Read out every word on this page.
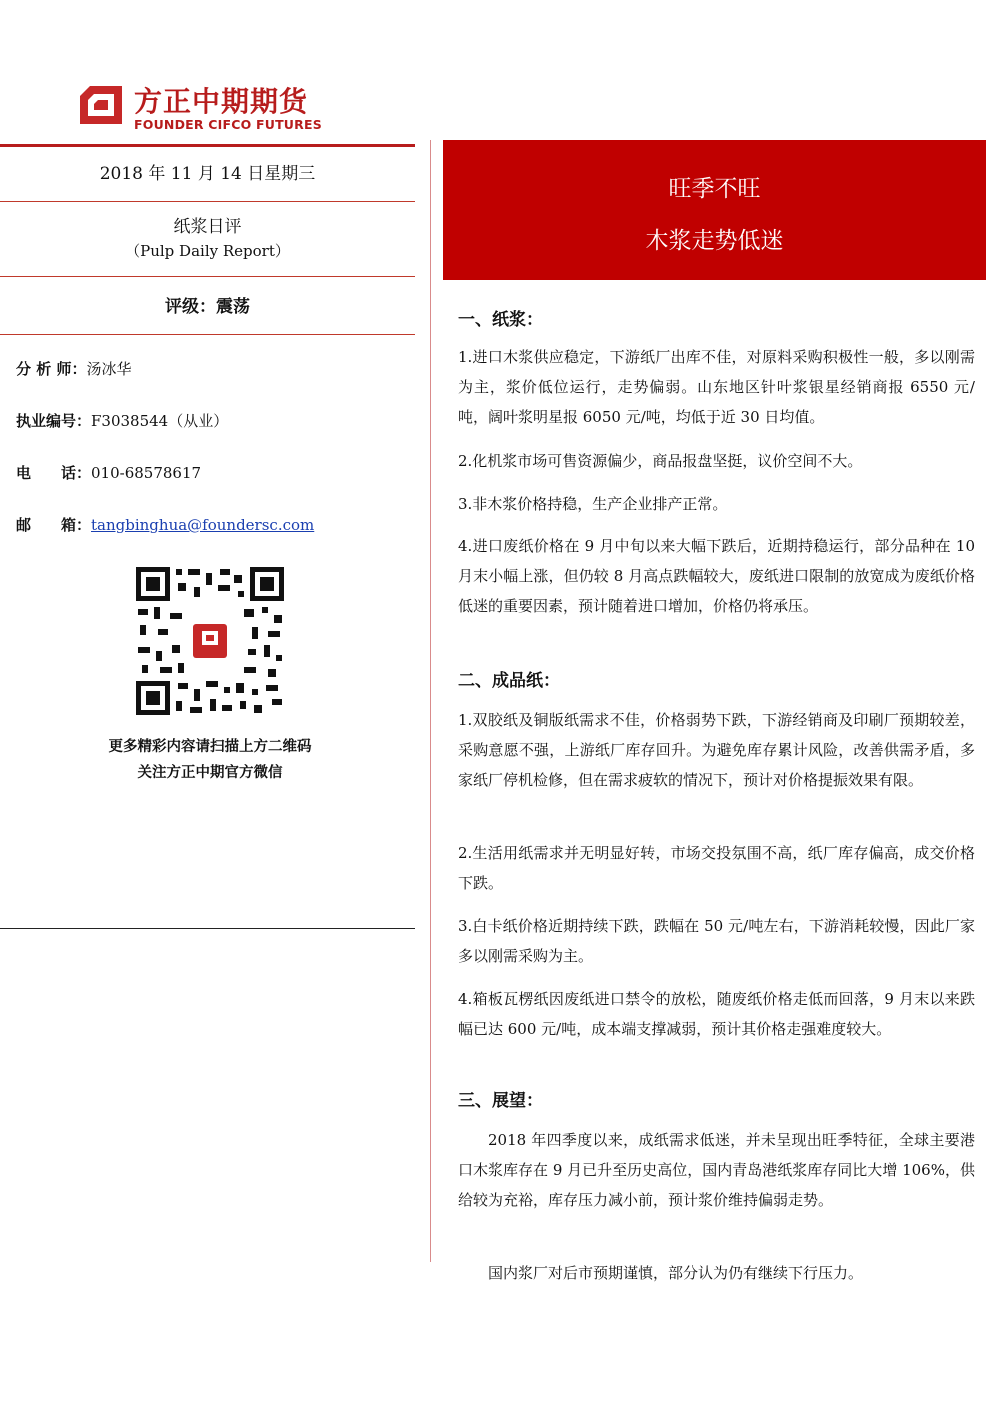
方正中期期货
FOUNDER CIFCO FUTURES
2018 年 11 月 14 日星期三
纸浆日评
（Pulp Daily Report）
评级：震荡
分 析 师：汤冰华
执业编号：F3038544（从业）
电　　话：010-68578617
邮　　箱：tangbinghua@foundersc.com
更多精彩内容请扫描上方二维码
关注方正中期官方微信
旺季不旺
木浆走势低迷
一、纸浆：
1.进口木浆供应稳定，下游纸厂出库不佳，对原料采购积极性一般，多以刚需为主，浆价低位运行，走势偏弱。山东地区针叶浆银星经销商报 6550 元/吨，阔叶浆明星报 6050 元/吨，均低于近 30 日均值。
2.化机浆市场可售资源偏少，商品报盘坚挺，议价空间不大。
3.非木浆价格持稳，生产企业排产正常。
4.进口废纸价格在 9 月中旬以来大幅下跌后，近期持稳运行，部分品种在 10 月末小幅上涨，但仍较 8 月高点跌幅较大，废纸进口限制的放宽成为废纸价格低迷的重要因素，预计随着进口增加，价格仍将承压。
二、成品纸：
1.双胶纸及铜版纸需求不佳，价格弱势下跌，下游经销商及印刷厂预期较差，采购意愿不强，上游纸厂库存回升。为避免库存累计风险，改善供需矛盾，多家纸厂停机检修，但在需求疲软的情况下，预计对价格提振效果有限。
2.生活用纸需求并无明显好转，市场交投氛围不高，纸厂库存偏高，成交价格下跌。
3.白卡纸价格近期持续下跌，跌幅在 50 元/吨左右，下游消耗较慢，因此厂家多以刚需采购为主。
4.箱板瓦楞纸因废纸进口禁令的放松，随废纸价格走低而回落，9 月末以来跌幅已达 600 元/吨，成本端支撑减弱，预计其价格走强难度较大。
三、展望：
2018 年四季度以来，成纸需求低迷，并未呈现出旺季特征，全球主要港口木浆库存在 9 月已升至历史高位，国内青岛港纸浆库存同比大增 106%，供给较为充裕，库存压力减小前，预计浆价维持偏弱走势。
国内浆厂对后市预期谨慎，部分认为仍有继续下行压力。
